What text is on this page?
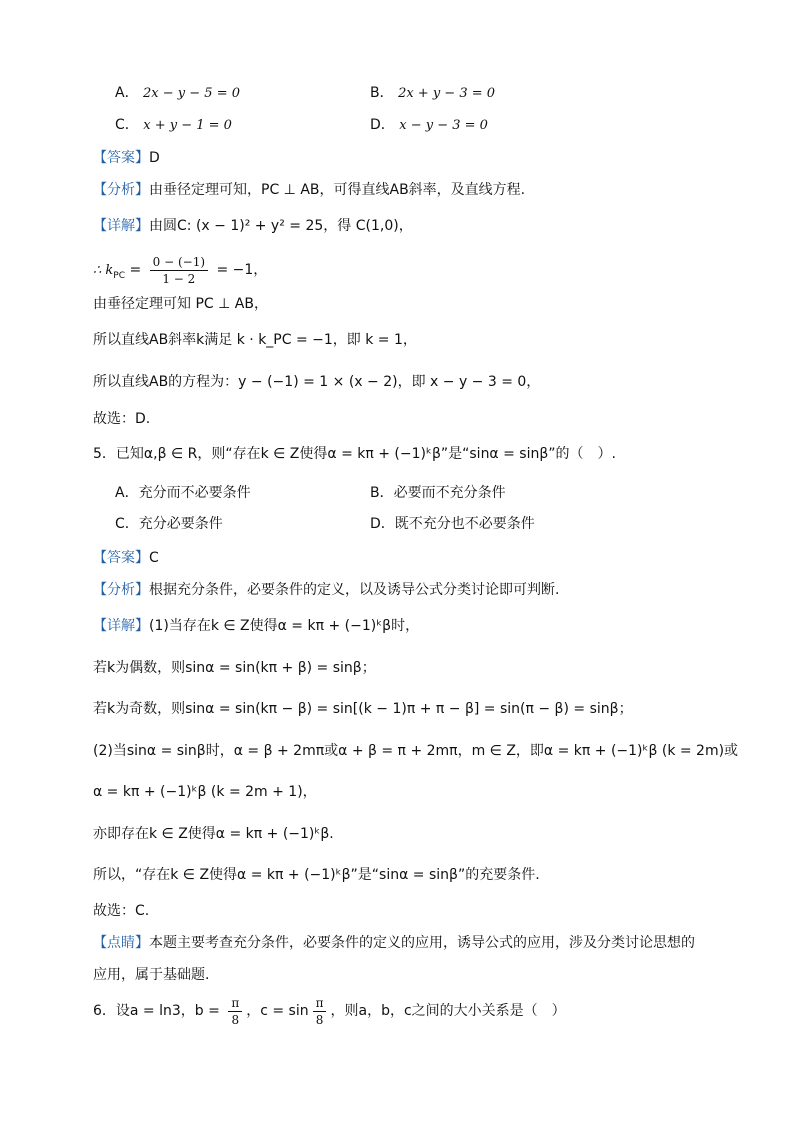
A． 2x − y − 5 = 0	B． 2x + y − 3 = 0
C． x + y − 1 = 0	D． x − y − 3 = 0
【答案】D
【分析】由垂径定理可知，PC ⊥ AB，可得直线AB斜率，及直线方程.
【详解】由圆C: (x − 1)² + y² = 25，得 C(1,0)，
∴ $k_{PC} = \frac{0 - (-1)}{1 - 2} = -1$，
由垂径定理可知 PC ⊥ AB，
所以直线AB斜率k满足 k · k_PC = −1，即 k = 1，
所以直线AB的方程为：y − (−1) = 1 × (x − 2)，即 x − y − 3 = 0，
故选：D.
5．已知α,β ∈ R，则“存在k ∈ Z使得α = kπ + (−1)ᵏβ”是“sinα = sinβ”的（　）.
A．充分而不必要条件	B．必要而不充分条件
C．充分必要条件	D．既不充分也不必要条件
【答案】C
【分析】根据充分条件，必要条件的定义，以及诱导公式分类讨论即可判断.
【详解】(1)当存在k ∈ Z使得α = kπ + (−1)ᵏβ时，
若k为偶数，则sinα = sin(kπ + β) = sinβ；
若k为奇数，则sinα = sin(kπ − β) = sin[(k − 1)π + π − β] = sin(π − β) = sinβ；
(2)当sinα = sinβ时，α = β + 2mπ或α + β = π + 2mπ，m ∈ Z，即α = kπ + (−1)ᵏβ (k = 2m)或
α = kπ + (−1)ᵏβ (k = 2m + 1)，
亦即存在k ∈ Z使得α = kπ + (−1)ᵏβ.
所以，“存在k ∈ Z使得α = kπ + (−1)ᵏβ”是“sinα = sinβ”的充要条件.
故选：C.
【点睛】本题主要考查充分条件，必要条件的定义的应用，诱导公式的应用，涉及分类讨论思想的
应用，属于基础题.
6．设a = ln3，$b = \frac{\pi}{8}$ ，$c = \sin \frac{\pi}{8}$ ，则a，b，c之间的大小关系是（　）
